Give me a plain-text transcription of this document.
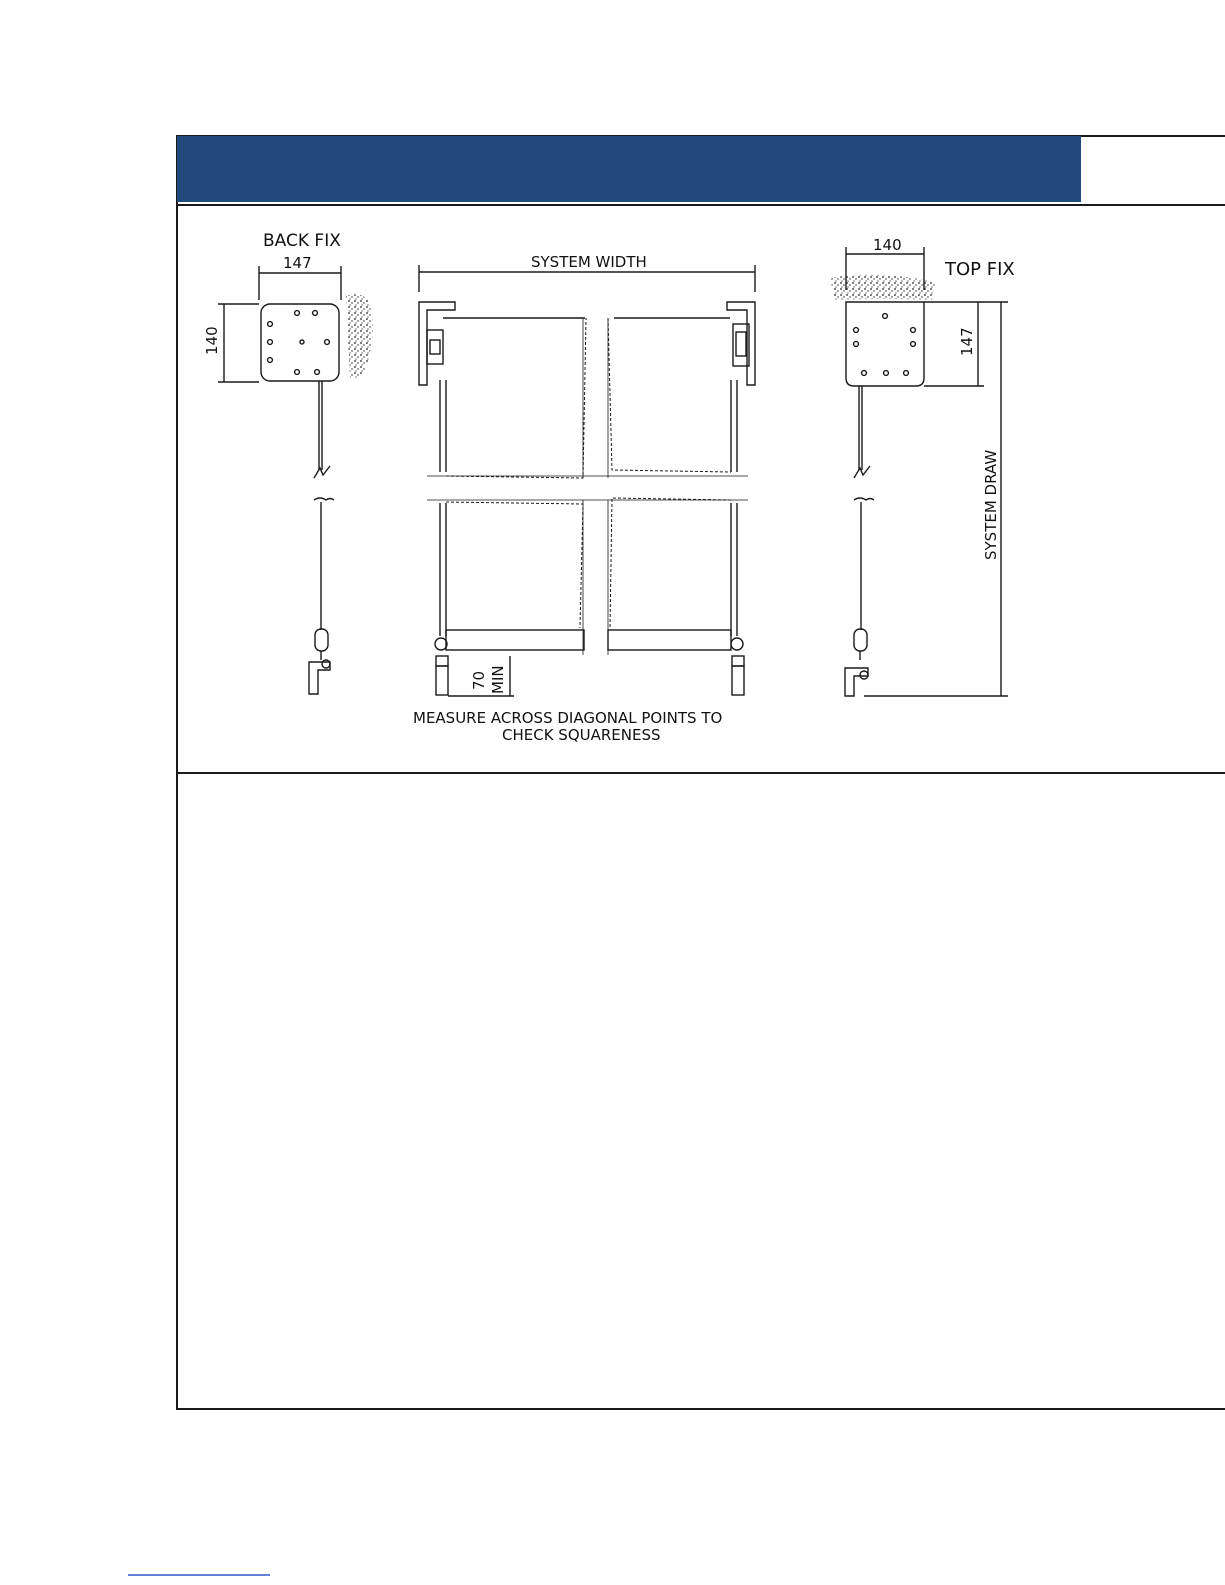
BACK FIX
147
140
SYSTEM WIDTH
70 MIN
MEASURE ACROSS DIAGONAL POINTS TO
CHECK SQUARENESS
140
TOP FIX
147
SYSTEM DRAW
